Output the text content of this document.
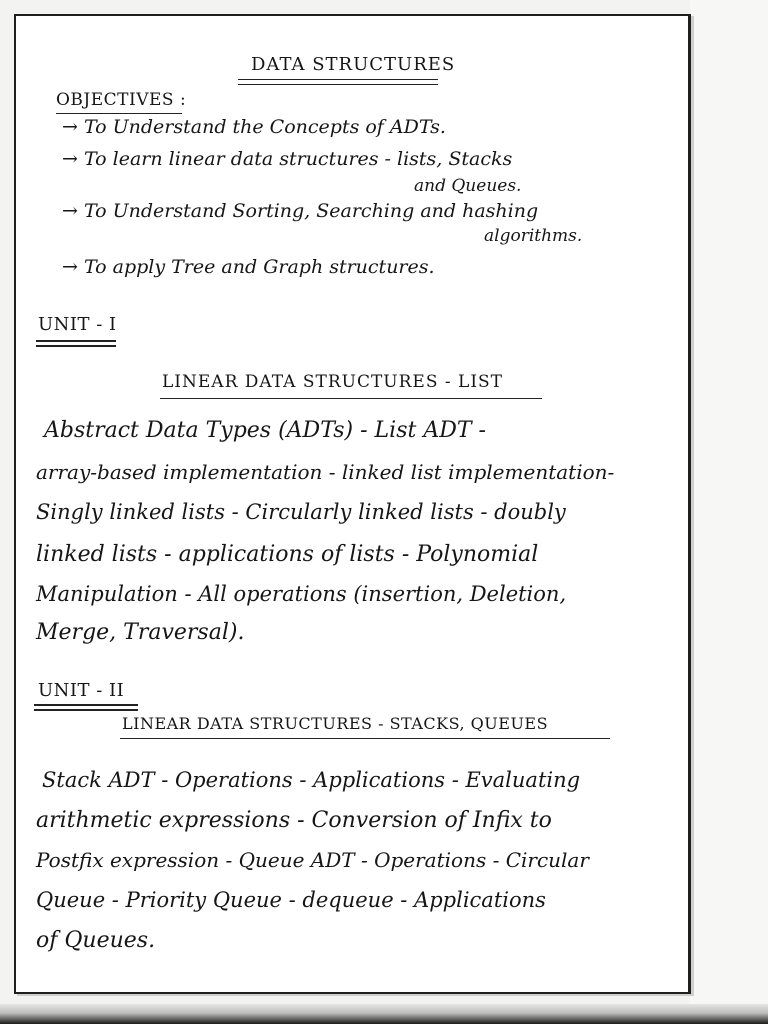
DATA STRUCTURES
OBJECTIVES :
→ To Understand the Concepts of ADTs.
→ To learn linear data structures - lists, Stacks
and Queues.
→ To Understand Sorting, Searching and hashing
algorithms.
→ To apply Tree and Graph structures.
UNIT - I
LINEAR DATA STRUCTURES - LIST
Abstract Data Types (ADTs) - List ADT -
array-based implementation - linked list implementation-
Singly linked lists - Circularly linked lists - doubly
linked lists - applications of lists - Polynomial
Manipulation - All operations (insertion, Deletion,
Merge, Traversal).
UNIT - II
LINEAR DATA STRUCTURES - STACKS, QUEUES
Stack ADT - Operations - Applications - Evaluating
arithmetic expressions - Conversion of Infix to
Postfix expression - Queue ADT - Operations - Circular
Queue - Priority Queue - dequeue - Applications
of Queues.
